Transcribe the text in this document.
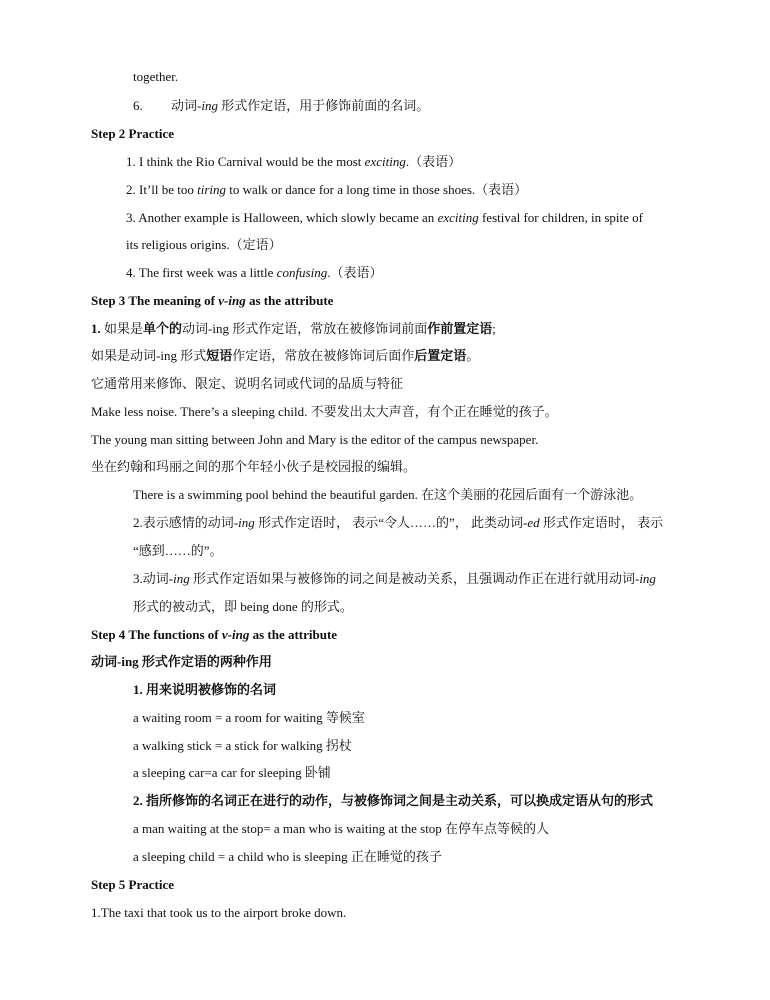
together.
6. 动词-ing 形式作定语，用于修饰前面的名词。
Step 2 Practice
1. I think the Rio Carnival would be the most exciting.（表语）
2. It’ll be too tiring to walk or dance for a long time in those shoes.（表语）
3. Another example is Halloween, which slowly became an exciting festival for children, in spite of
its religious origins.（定语）
4. The first week was a little confusing.（表语）
Step 3 The meaning of v-ing as the attribute
1. 如果是单个的动词-ing 形式作定语，常放在被修饰词前面作前置定语;
如果是动词-ing 形式短语作定语，常放在被修饰词后面作后置定语。
它通常用来修饰、限定、说明名词或代词的品质与特征
Make less noise. There’s a sleeping child. 不要发出太大声音，有个正在睡觉的孩子。
The young man sitting between John and Mary is the editor of the campus newspaper.
坐在约翰和玛丽之间的那个年轻小伙子是校园报的编辑。
There is a swimming pool behind the beautiful garden. 在这个美丽的花园后面有一个游泳池。
2.表示感情的动词-ing 形式作定语时， 表示“令人……的”， 此类动词-ed 形式作定语时， 表示
“感到……的”。
3.动词-ing 形式作定语如果与被修饰的词之间是被动关系，且强调动作正在进行就用动词-ing
形式的被动式，即 being done 的形式。
Step 4 The functions of v-ing as the attribute
动词-ing 形式作定语的两种作用
1. 用来说明被修饰的名词
a waiting room = a room for waiting 等候室
a walking stick = a stick for walking 拐杖
a sleeping car=a car for sleeping 卧铺
2. 指所修饰的名词正在进行的动作，与被修饰词之间是主动关系，可以换成定语从句的形式
a man waiting at the stop= a man who is waiting at the stop 在停车点等候的人
a sleeping child = a child who is sleeping 正在睡觉的孩子
Step 5 Practice
1.The taxi that took us to the airport broke down.
